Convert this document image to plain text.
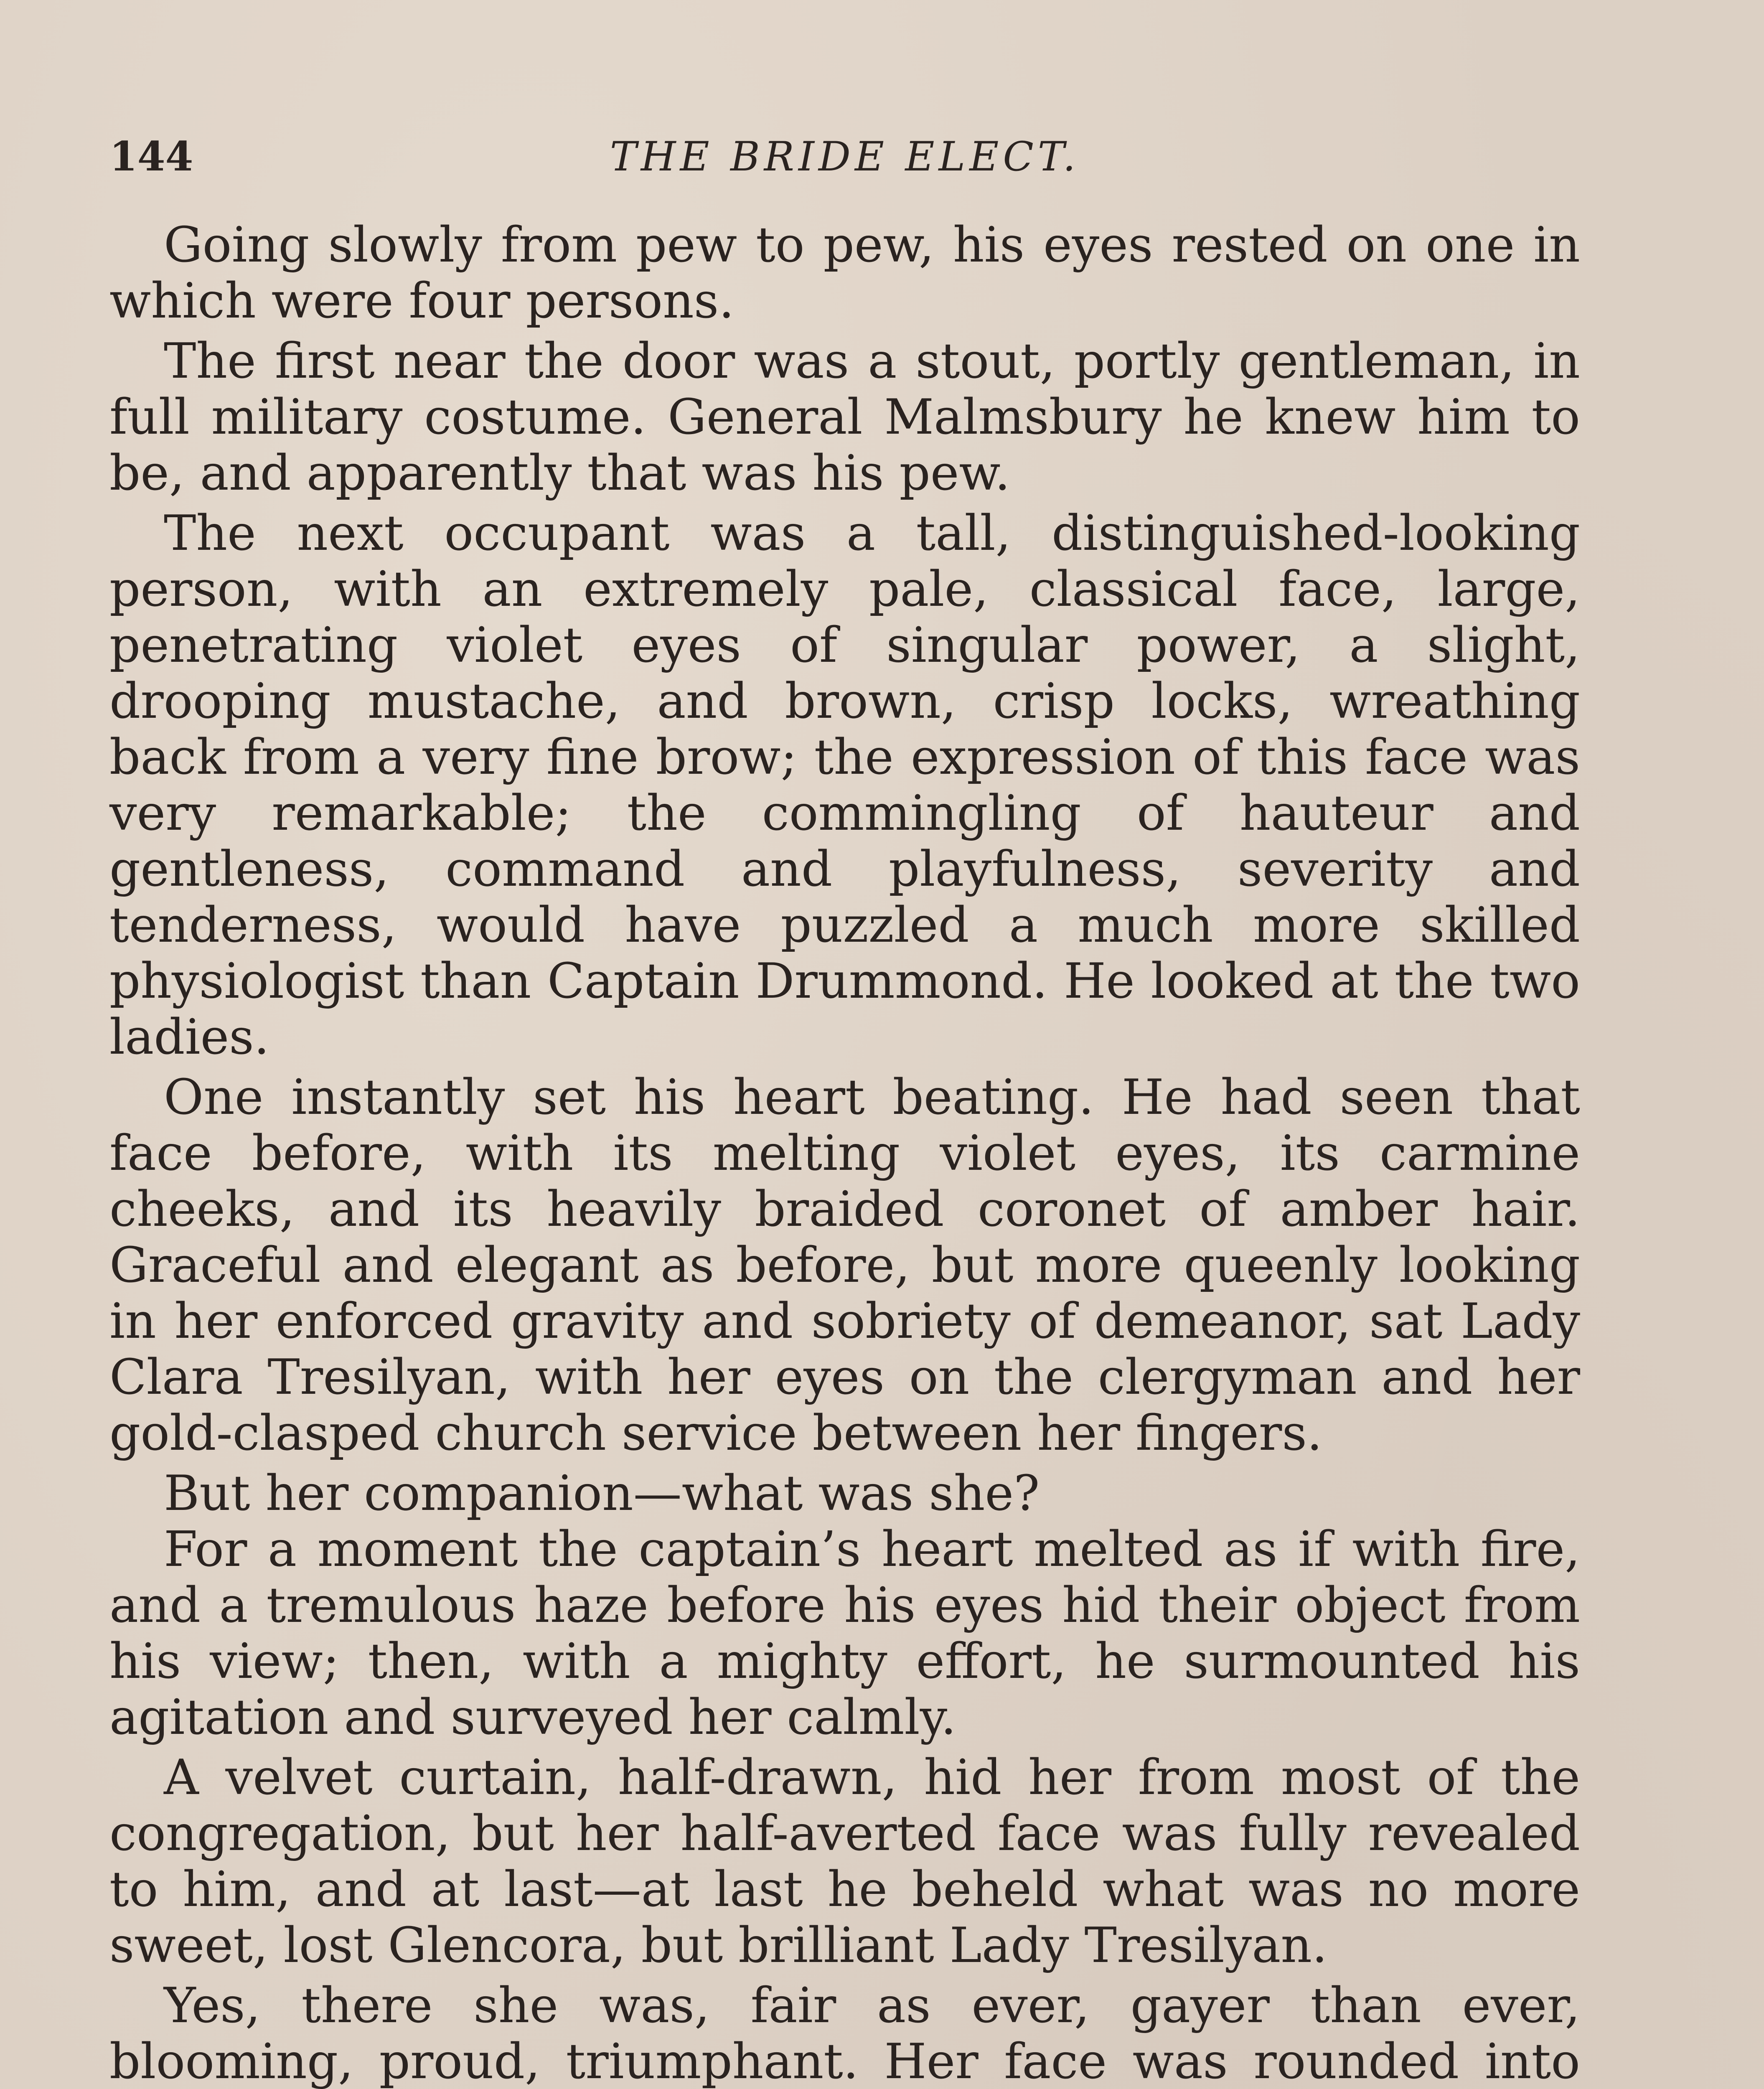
144	THE BRIDE ELECT.

Going slowly from pew to pew, his eyes rested on one in which were four persons.

The first near the door was a stout, portly gentleman, in full military costume. General Malmsbury he knew him to be, and apparently that was his pew.

The next occupant was a tall, distinguished-looking person, with an extremely pale, classical face, large, penetrating violet eyes of singular power, a slight, drooping mustache, and brown, crisp locks, wreathing back from a very fine brow; the expression of this face was very remarkable; the commingling of hauteur and gentleness, command and playfulness, severity and tenderness, would have puzzled a much more skilled physiologist than Captain Drummond. He looked at the two ladies.

One instantly set his heart beating. He had seen that face before, with its melting violet eyes, its carmine cheeks, and its heavily braided coronet of amber hair. Graceful and elegant as before, but more queenly looking in her enforced gravity and sobriety of demeanor, sat Lady Clara Tresilyan, with her eyes on the clergyman and her gold-clasped church service between her fingers.

But her companion—what was she?

For a moment the captain’s heart melted as if with fire, and a tremulous haze before his eyes hid their object from his view; then, with a mighty effort, he surmounted his agitation and surveyed her calmly.

A velvet curtain, half-drawn, hid her from most of the congregation, but her half-averted face was fully revealed to him, and at last—at last he beheld what was no more sweet, lost Glencora, but brilliant Lady Tresilyan.

Yes, there she was, fair as ever, gayer than ever, blooming, proud, triumphant. Her face was rounded into
